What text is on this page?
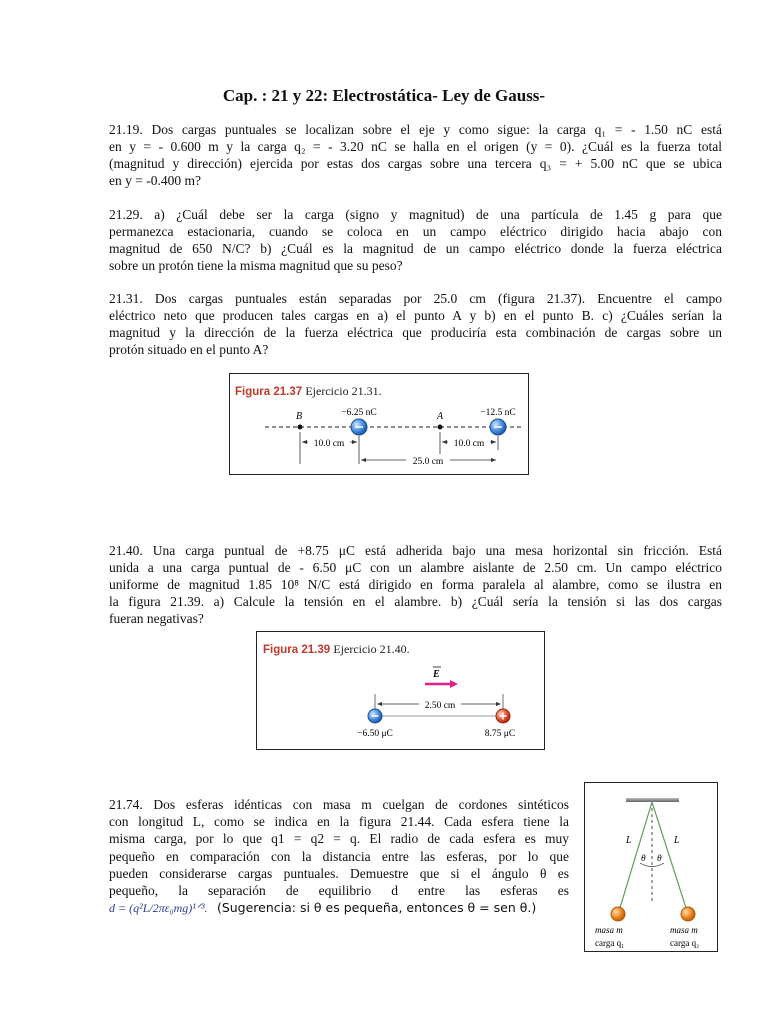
Cap. : 21 y 22: Electrostática- Ley de Gauss-
21.19. Dos cargas puntuales se localizan sobre el eje y como sigue: la carga q₁ = - 1.50 nC está
en y = - 0.600 m y la carga q₂ = - 3.20 nC se halla en el origen (y = 0). ¿Cuál es la fuerza total
(magnitud y dirección) ejercida por estas dos cargas sobre una tercera q₃ = + 5.00 nC que se ubica
en y = -0.400 m?
21.29. a) ¿Cuál debe ser la carga (signo y magnitud) de una partícula de 1.45 g para que
permanezca estacionaria, cuando se coloca en un campo eléctrico dirigido hacia abajo con
magnitud de 650 N/C? b) ¿Cuál es la magnitud de un campo eléctrico donde la fuerza eléctrica
sobre un protón tiene la misma magnitud que su peso?
21.31. Dos cargas puntuales están separadas por 25.0 cm (figura 21.37). Encuentre el campo
eléctrico neto que producen tales cargas en a) el punto A y b) en el punto B. c) ¿Cuáles serían la
magnitud y la dirección de la fuerza eléctrica que produciría esta combinación de cargas sobre un
protón situado en el punto A?
Figura 21.37 Ejercicio 21.31.
B	A
−6.25 nC	−12.5 nC
10.0 cm	10.0 cm
25.0 cm
21.40. Una carga puntual de +8.75 μC está adherida bajo una mesa horizontal sin fricción. Está
unida a una carga puntual de - 6.50 μC con un alambre aislante de 2.50 cm. Un campo eléctrico
uniforme de magnitud 1.85 10⁸ N/C está dirigido en forma paralela al alambre, como se ilustra en
la figura 21.39. a) Calcule la tensión en el alambre. b) ¿Cuál sería la tensión si las dos cargas
fueran negativas?
Figura 21.39 Ejercicio 21.40.
E
2.50 cm
−6.50 μC	8.75 μC
21.74. Dos esferas idénticas con masa m cuelgan de cordones sintéticos
con longitud L, como se indica en la figura 21.44. Cada esfera tiene la
misma carga, por lo que q1 = q2 = q. El radio de cada esfera es muy
pequeño en comparación con la distancia entre las esferas, por lo que
pueden considerarse cargas puntuales. Demuestre que si el ángulo θ es
pequeño, la separación de equilibrio d entre las esferas es
d = (q²L/2πε₀mg)¹ᐟ³. (Sugerencia: si θ es pequeña, entonces θ = sen θ.)
L	L
θ θ
masa m
carga q₁
masa m
carga q₂
